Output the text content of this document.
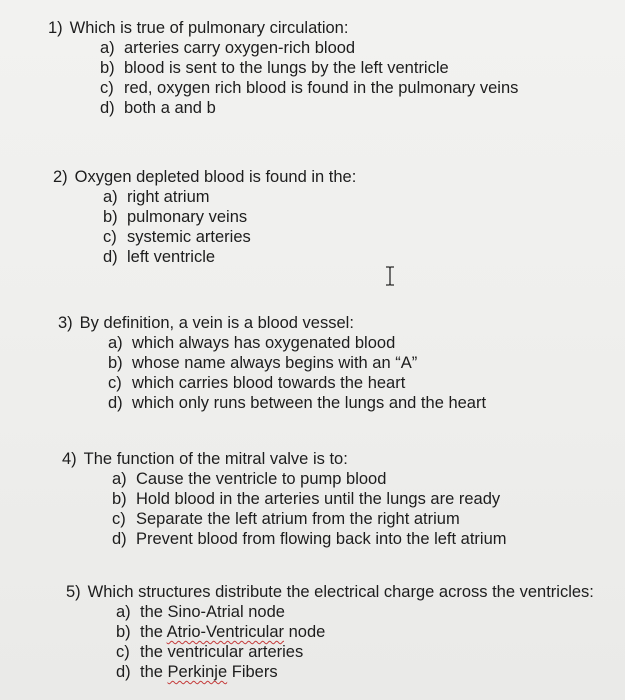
1) Which is true of pulmonary circulation:
a) arteries carry oxygen-rich blood
b) blood is sent to the lungs by the left ventricle
c) red, oxygen rich blood is found in the pulmonary veins
d) both a and b
2) Oxygen depleted blood is found in the:
a) right atrium
b) pulmonary veins
c) systemic arteries
d) left ventricle
3) By definition, a vein is a blood vessel:
a) which always has oxygenated blood
b) whose name always begins with an “A”
c) which carries blood towards the heart
d) which only runs between the lungs and the heart
4) The function of the mitral valve is to:
a) Cause the ventricle to pump blood
b) Hold blood in the arteries until the lungs are ready
c) Separate the left atrium from the right atrium
d) Prevent blood from flowing back into the left atrium
5) Which structures distribute the electrical charge across the ventricles:
a) the Sino-Atrial node
b) the Atrio-Ventricular node
c) the ventricular arteries
d) the Perkinje Fibers
